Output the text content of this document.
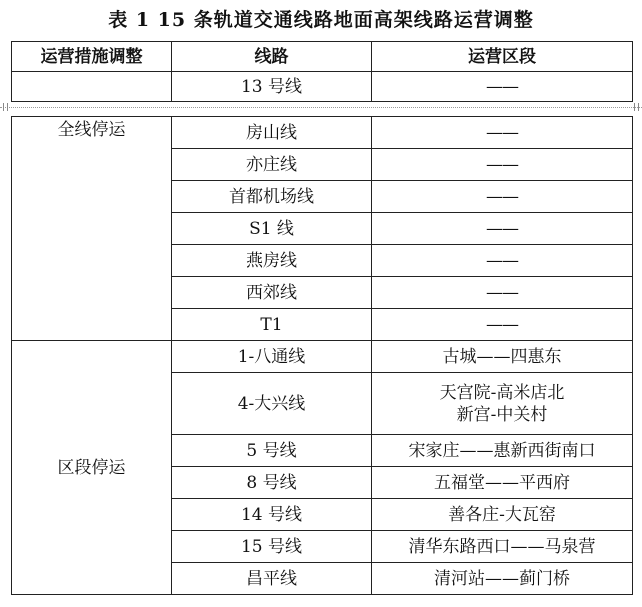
表 1 15 条轨道交通线路地面高架线路运营调整
运营措施调整	线路	运营区段
	13 号线	——
全线停运	房山线	——
	亦庄线	——
	首都机场线	——
	S1 线	——
	燕房线	——
	西郊线	——
	T1	——
区段停运	1-八通线	古城——四惠东
	4-大兴线	天宫院-高米店北
新宫-中关村

	5 号线	宋家庄——惠新西街南口
	8 号线	五福堂——平西府
	14 号线	善各庄-大瓦窑
	15 号线	清华东路西口——马泉营
	昌平线	清河站——蓟门桥
